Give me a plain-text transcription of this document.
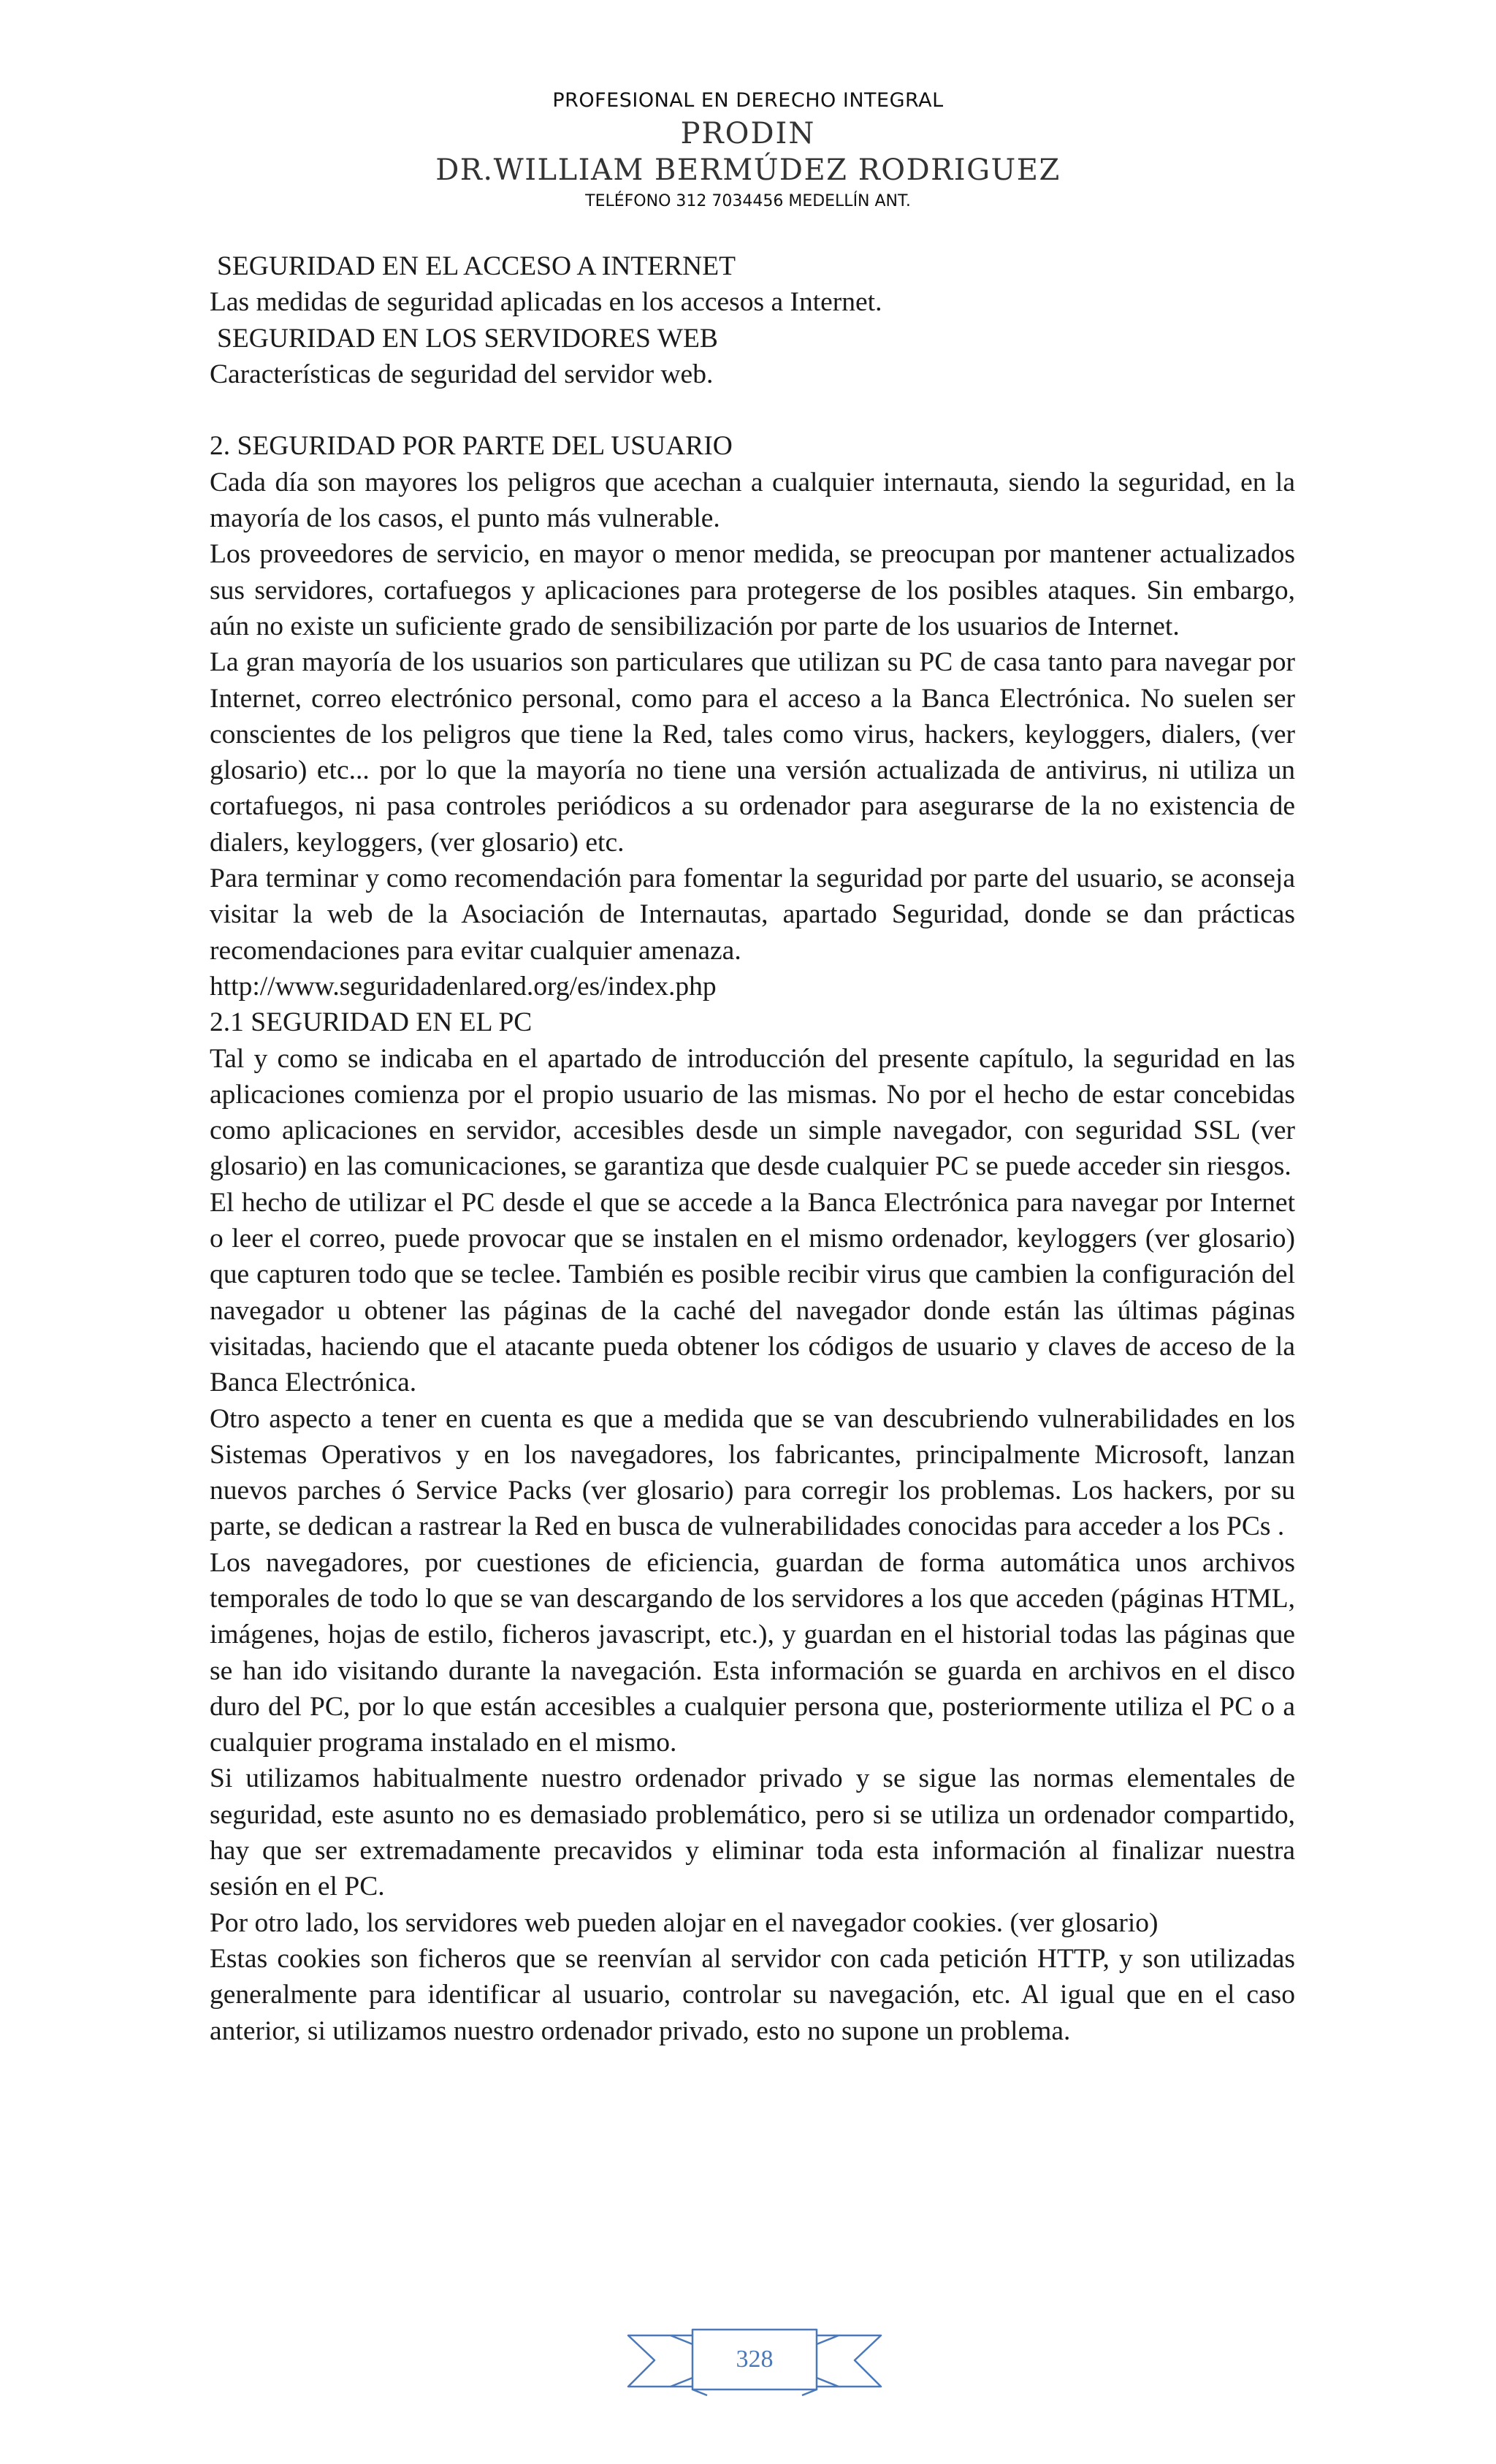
PROFESIONAL EN DERECHO INTEGRAL
PRODIN
DR.WILLIAM BERMÚDEZ RODRIGUEZ
TELÉFONO 312 7034456 MEDELLÍN ANT.

SEGURIDAD EN EL ACCESO A INTERNET

Las medidas de seguridad aplicadas en los accesos a Internet.

SEGURIDAD EN LOS SERVIDORES WEB

Características de seguridad del servidor web.

2. SEGURIDAD POR PARTE DEL USUARIO

Cada día son mayores los peligros que acechan a cualquier internauta, siendo la seguridad, en la mayoría de los casos, el punto más vulnerable.

Los proveedores de servicio, en mayor o menor medida, se preocupan por mantener actualizados sus servidores, cortafuegos y aplicaciones para protegerse de los posibles ataques. Sin embargo, aún no existe un suficiente grado de sensibilización por parte de los usuarios de Internet.

La gran mayoría de los usuarios son particulares que utilizan su PC de casa tanto para navegar por Internet, correo electrónico personal, como para el acceso a la Banca Electrónica. No suelen ser conscientes de los peligros que tiene la Red, tales como virus, hackers, keyloggers, dialers, (ver glosario) etc... por lo que la mayoría no tiene una versión actualizada de antivirus, ni utiliza un cortafuegos, ni pasa controles periódicos a su ordenador para asegurarse de la no existencia de dialers, keyloggers, (ver glosario) etc.

Para terminar y como recomendación para fomentar la seguridad por parte del usuario, se aconseja visitar la web de la Asociación de Internautas, apartado Seguridad, donde se dan prácticas recomendaciones para evitar cualquier amenaza.

http://www.seguridadenlared.org/es/index.php

2.1 SEGURIDAD EN EL PC

Tal y como se indicaba en el apartado de introducción del presente capítulo, la seguridad en las aplicaciones comienza por el propio usuario de las mismas. No por el hecho de estar concebidas como aplicaciones en servidor, accesibles desde un simple navegador, con seguridad SSL (ver glosario) en las comunicaciones, se garantiza que desde cualquier PC se puede acceder sin riesgos.

El hecho de utilizar el PC desde el que se accede a la Banca Electrónica para navegar por Internet o leer el correo, puede provocar que se instalen en el mismo ordenador, keyloggers (ver glosario) que capturen todo que se teclee. También es posible recibir virus que cambien la configuración del navegador u obtener las páginas de la caché del navegador donde están las últimas páginas visitadas, haciendo que el atacante pueda obtener los códigos de usuario y claves de acceso de la Banca Electrónica.

Otro aspecto a tener en cuenta es que a medida que se van descubriendo vulnerabilidades en los Sistemas Operativos y en los navegadores, los fabricantes, principalmente Microsoft, lanzan nuevos parches ó Service Packs (ver glosario) para corregir los problemas. Los hackers, por su parte, se dedican a rastrear la Red en busca de vulnerabilidades conocidas para acceder a los PCs .

Los navegadores, por cuestiones de eficiencia, guardan de forma automática unos archivos temporales de todo lo que se van descargando de los servidores a los que acceden (páginas HTML, imágenes, hojas de estilo, ficheros javascript, etc.), y guardan en el historial todas las páginas que se han ido visitando durante la navegación. Esta información se guarda en archivos en el disco duro del PC, por lo que están accesibles a cualquier persona que, posteriormente utiliza el PC o a cualquier programa instalado en el mismo.

Si utilizamos habitualmente nuestro ordenador privado y se sigue las normas elementales de seguridad, este asunto no es demasiado problemático, pero si se utiliza un ordenador compartido, hay que ser extremadamente precavidos y eliminar toda esta información al finalizar nuestra sesión en el PC.

Por otro lado, los servidores web pueden alojar en el navegador cookies. (ver glosario)

Estas cookies son ficheros que se reenvían al servidor con cada petición HTTP, y son utilizadas generalmente para identificar al usuario, controlar su navegación, etc. Al igual que en el caso anterior, si utilizamos nuestro ordenador privado, esto no supone un problema.

328
